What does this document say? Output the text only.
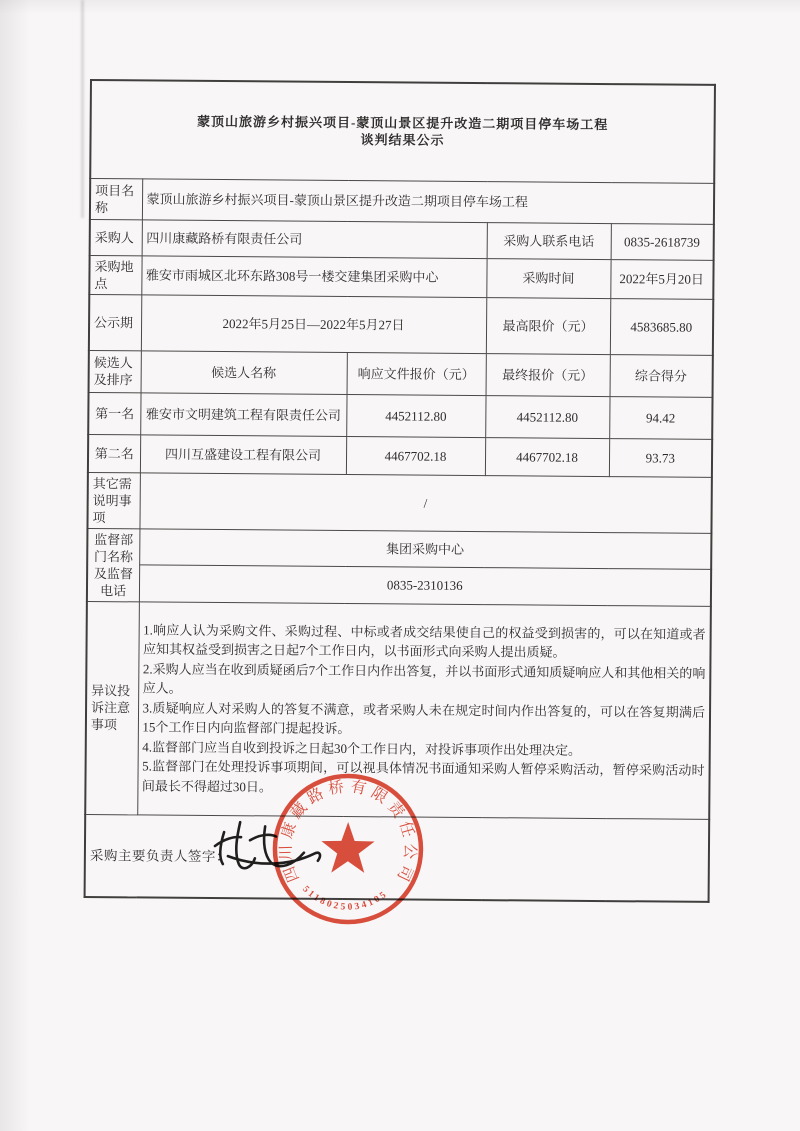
蒙顶山旅游乡村振兴项目-蒙顶山景区提升改造二期项目停车场工程
谈判结果公示				

项目名称	蒙顶山旅游乡村振兴项目-蒙顶山景区提升改造二期项目停车场工程			
采购人	四川康藏路桥有限责任公司		采购人联系电话	0835-2618739
采购地点	雅安市雨城区北环东路308号一楼交建集团采购中心		采购时间	2022年5月20日
公示期	2022年5月25日—2022年5月27日		最高限价（元）	4583685.80
候选人及排序	候选人名称	响应文件报价（元）	最终报价（元）	综合得分
第一名	雅安市文明建筑工程有限责任公司	4452112.80	4452112.80	94.42
第二名	四川互盛建设工程有限公司	4467702.18	4467702.18	93.73
其它需说明事项	/			
监督部门名称及监督电话	集团采购中心			
	0835-2310136			
异议投诉注意事项	1.响应人认为采购文件、采购过程、中标或者成交结果使自己的权益受到损害的，可以在知道或者应知其权益受到损害之日起7个工作日内，以书面形式向采购人提出质疑。
2.采购人应当在收到质疑函后7个工作日内作出答复，并以书面形式通知质疑响应人和其他相关的响应人。
3.质疑响应人对采购人的答复不满意，或者采购人未在规定时间内作出答复的，可以在答复期满后15个工作日内向监督部门提起投诉。
4.监督部门应当自收到投诉之日起30个工作日内，对投诉事项作出处理决定。
5.监督部门在处理投诉事项期间，可以视具体情况书面通知采购人暂停采购活动，暂停采购活动时间最长不得超过30日。			

采购主要负责人签字：				
四川康藏路桥有限责任公司
5118025034105
